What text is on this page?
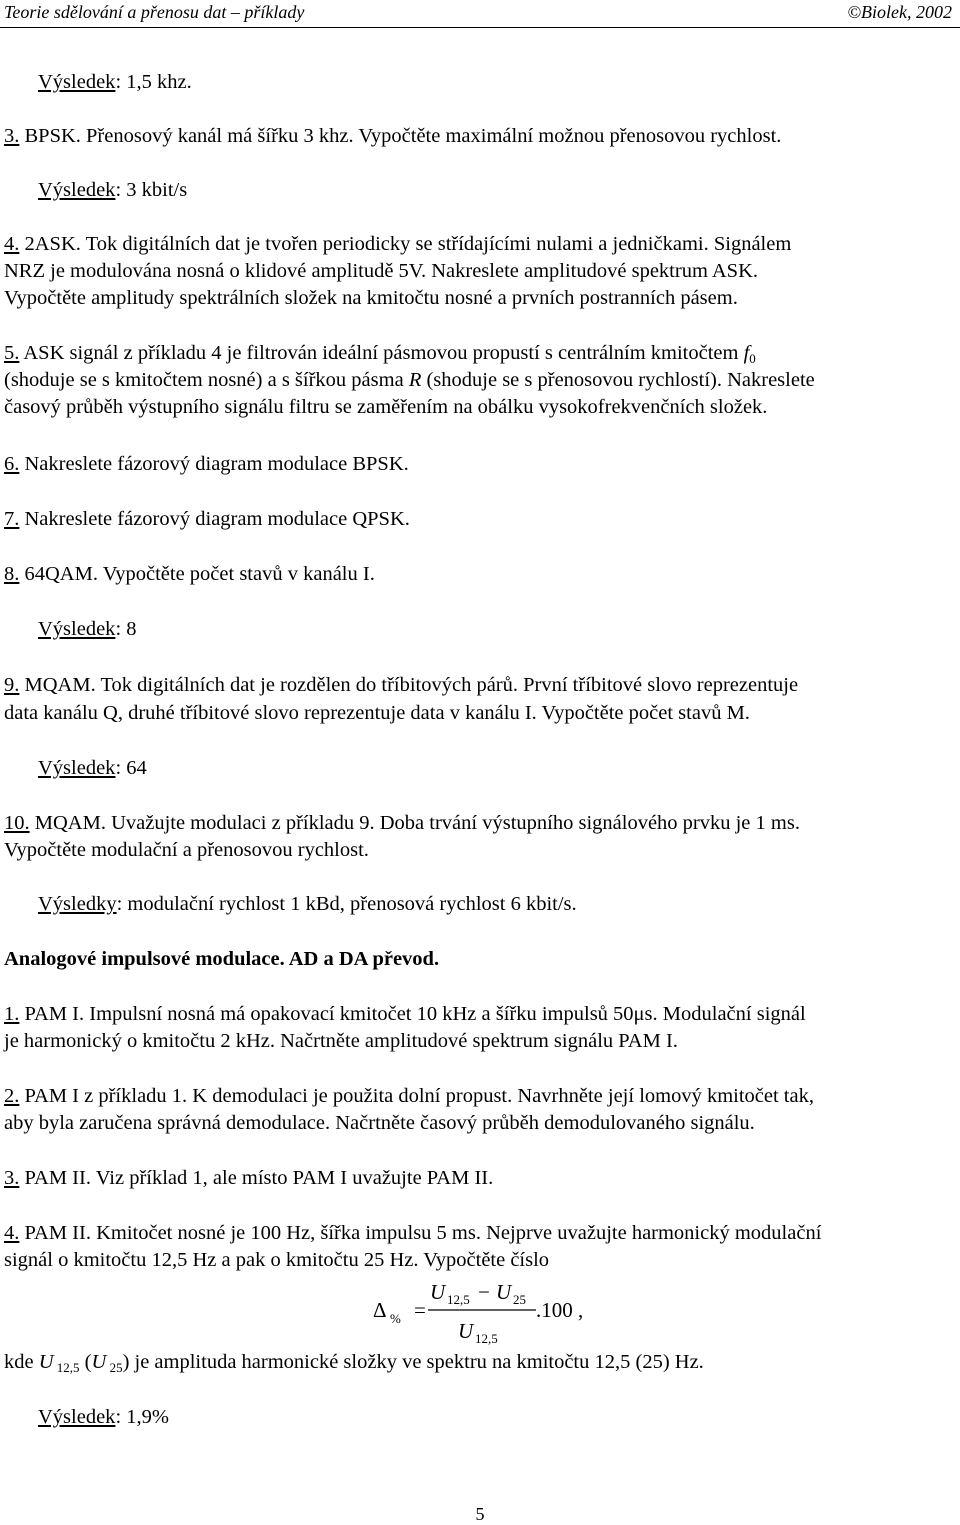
Teorie sdělování a přenosu dat – příklady	©Biolek, 2002
Výsledek: 1,5 khz.
3. BPSK. Přenosový kanál má šířku 3 khz. Vypočtěte maximální možnou přenosovou rychlost.
Výsledek: 3 kbit/s
4. 2ASK. Tok digitálních dat je tvořen periodicky se střídajícími nulami a jedničkami. Signálem
NRZ je modulována nosná o klidové amplitudě 5V. Nakreslete amplitudové spektrum ASK.
Vypočtěte amplitudy spektrálních složek na kmitočtu nosné a prvních postranních pásem.
5. ASK signál z příkladu 4 je filtrován ideální pásmovou propustí s centrálním kmitočtem $f_0$
(shoduje se s kmitočtem nosné) a s šířkou pásma R (shoduje se s přenosovou rychlostí). Nakreslete
časový průběh výstupního signálu filtru se zaměřením na obálku vysokofrekvenčních složek.
6. Nakreslete fázorový diagram modulace BPSK.
7. Nakreslete fázorový diagram modulace QPSK.
8. 64QAM. Vypočtěte počet stavů v kanálu I.
Výsledek: 8
9. MQAM. Tok digitálních dat je rozdělen do tříbitových párů. První tříbitové slovo reprezentuje
data kanálu Q, druhé tříbitové slovo reprezentuje data v kanálu I. Vypočtěte počet stavů M.
Výsledek: 64
10. MQAM. Uvažujte modulaci z příkladu 9. Doba trvání výstupního signálového prvku je 1 ms.
Vypočtěte modulační a přenosovou rychlost.
Výsledky: modulační rychlost 1 kBd, přenosová rychlost 6 kbit/s.
Analogové impulsové modulace. AD a DA převod.
1. PAM I. Impulsní nosná má opakovací kmitočet 10 kHz a šířku impulsů 50μs. Modulační signál
je harmonický o kmitočtu 2 kHz. Načrtněte amplitudové spektrum signálu PAM I.
2. PAM I z příkladu 1. K demodulaci je použita dolní propust. Navrhněte její lomový kmitočet tak,
aby byla zaručena správná demodulace. Načrtněte časový průběh demodulovaného signálu.
3. PAM II. Viz příklad 1, ale místo PAM I uvažujte PAM II.
4. PAM II. Kmitočet nosné je 100 Hz, šířka impulsu 5 ms. Nejprve uvažujte harmonický modulační
signál o kmitočtu 12,5 Hz a pak o kmitočtu 25 Hz. Vypočtěte číslo
Δ % =
U 12,5 − U 25
U 12,5
.100 ,
kde U $_{12,5}$ (U $_{25}$) je amplituda harmonické složky ve spektru na kmitočtu 12,5 (25) Hz.
Výsledek: 1,9%
5
